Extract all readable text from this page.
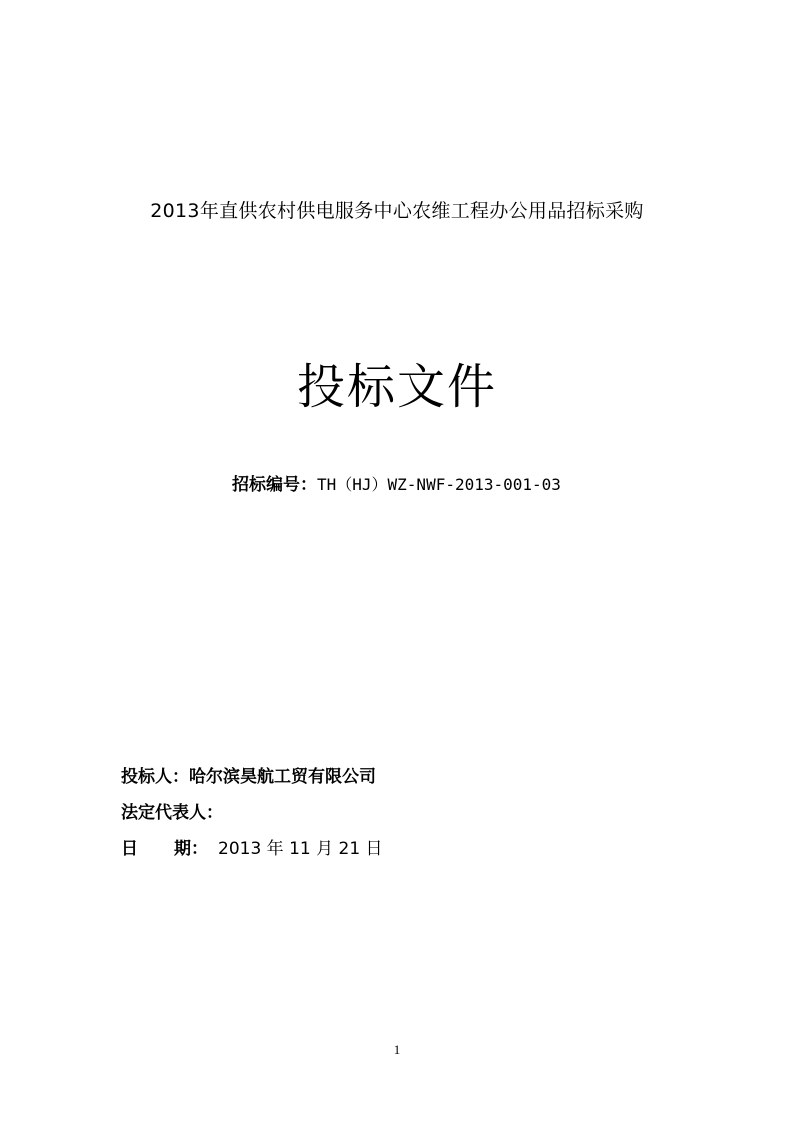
2013年直供农村供电服务中心农维工程办公用品招标采购
投标文件
招标编号：TH（HJ）WZ-NWF-2013-001-03
投标人：哈尔滨昊航工贸有限公司
法定代表人：
日 期： 2013 年 11 月 21 日
1
